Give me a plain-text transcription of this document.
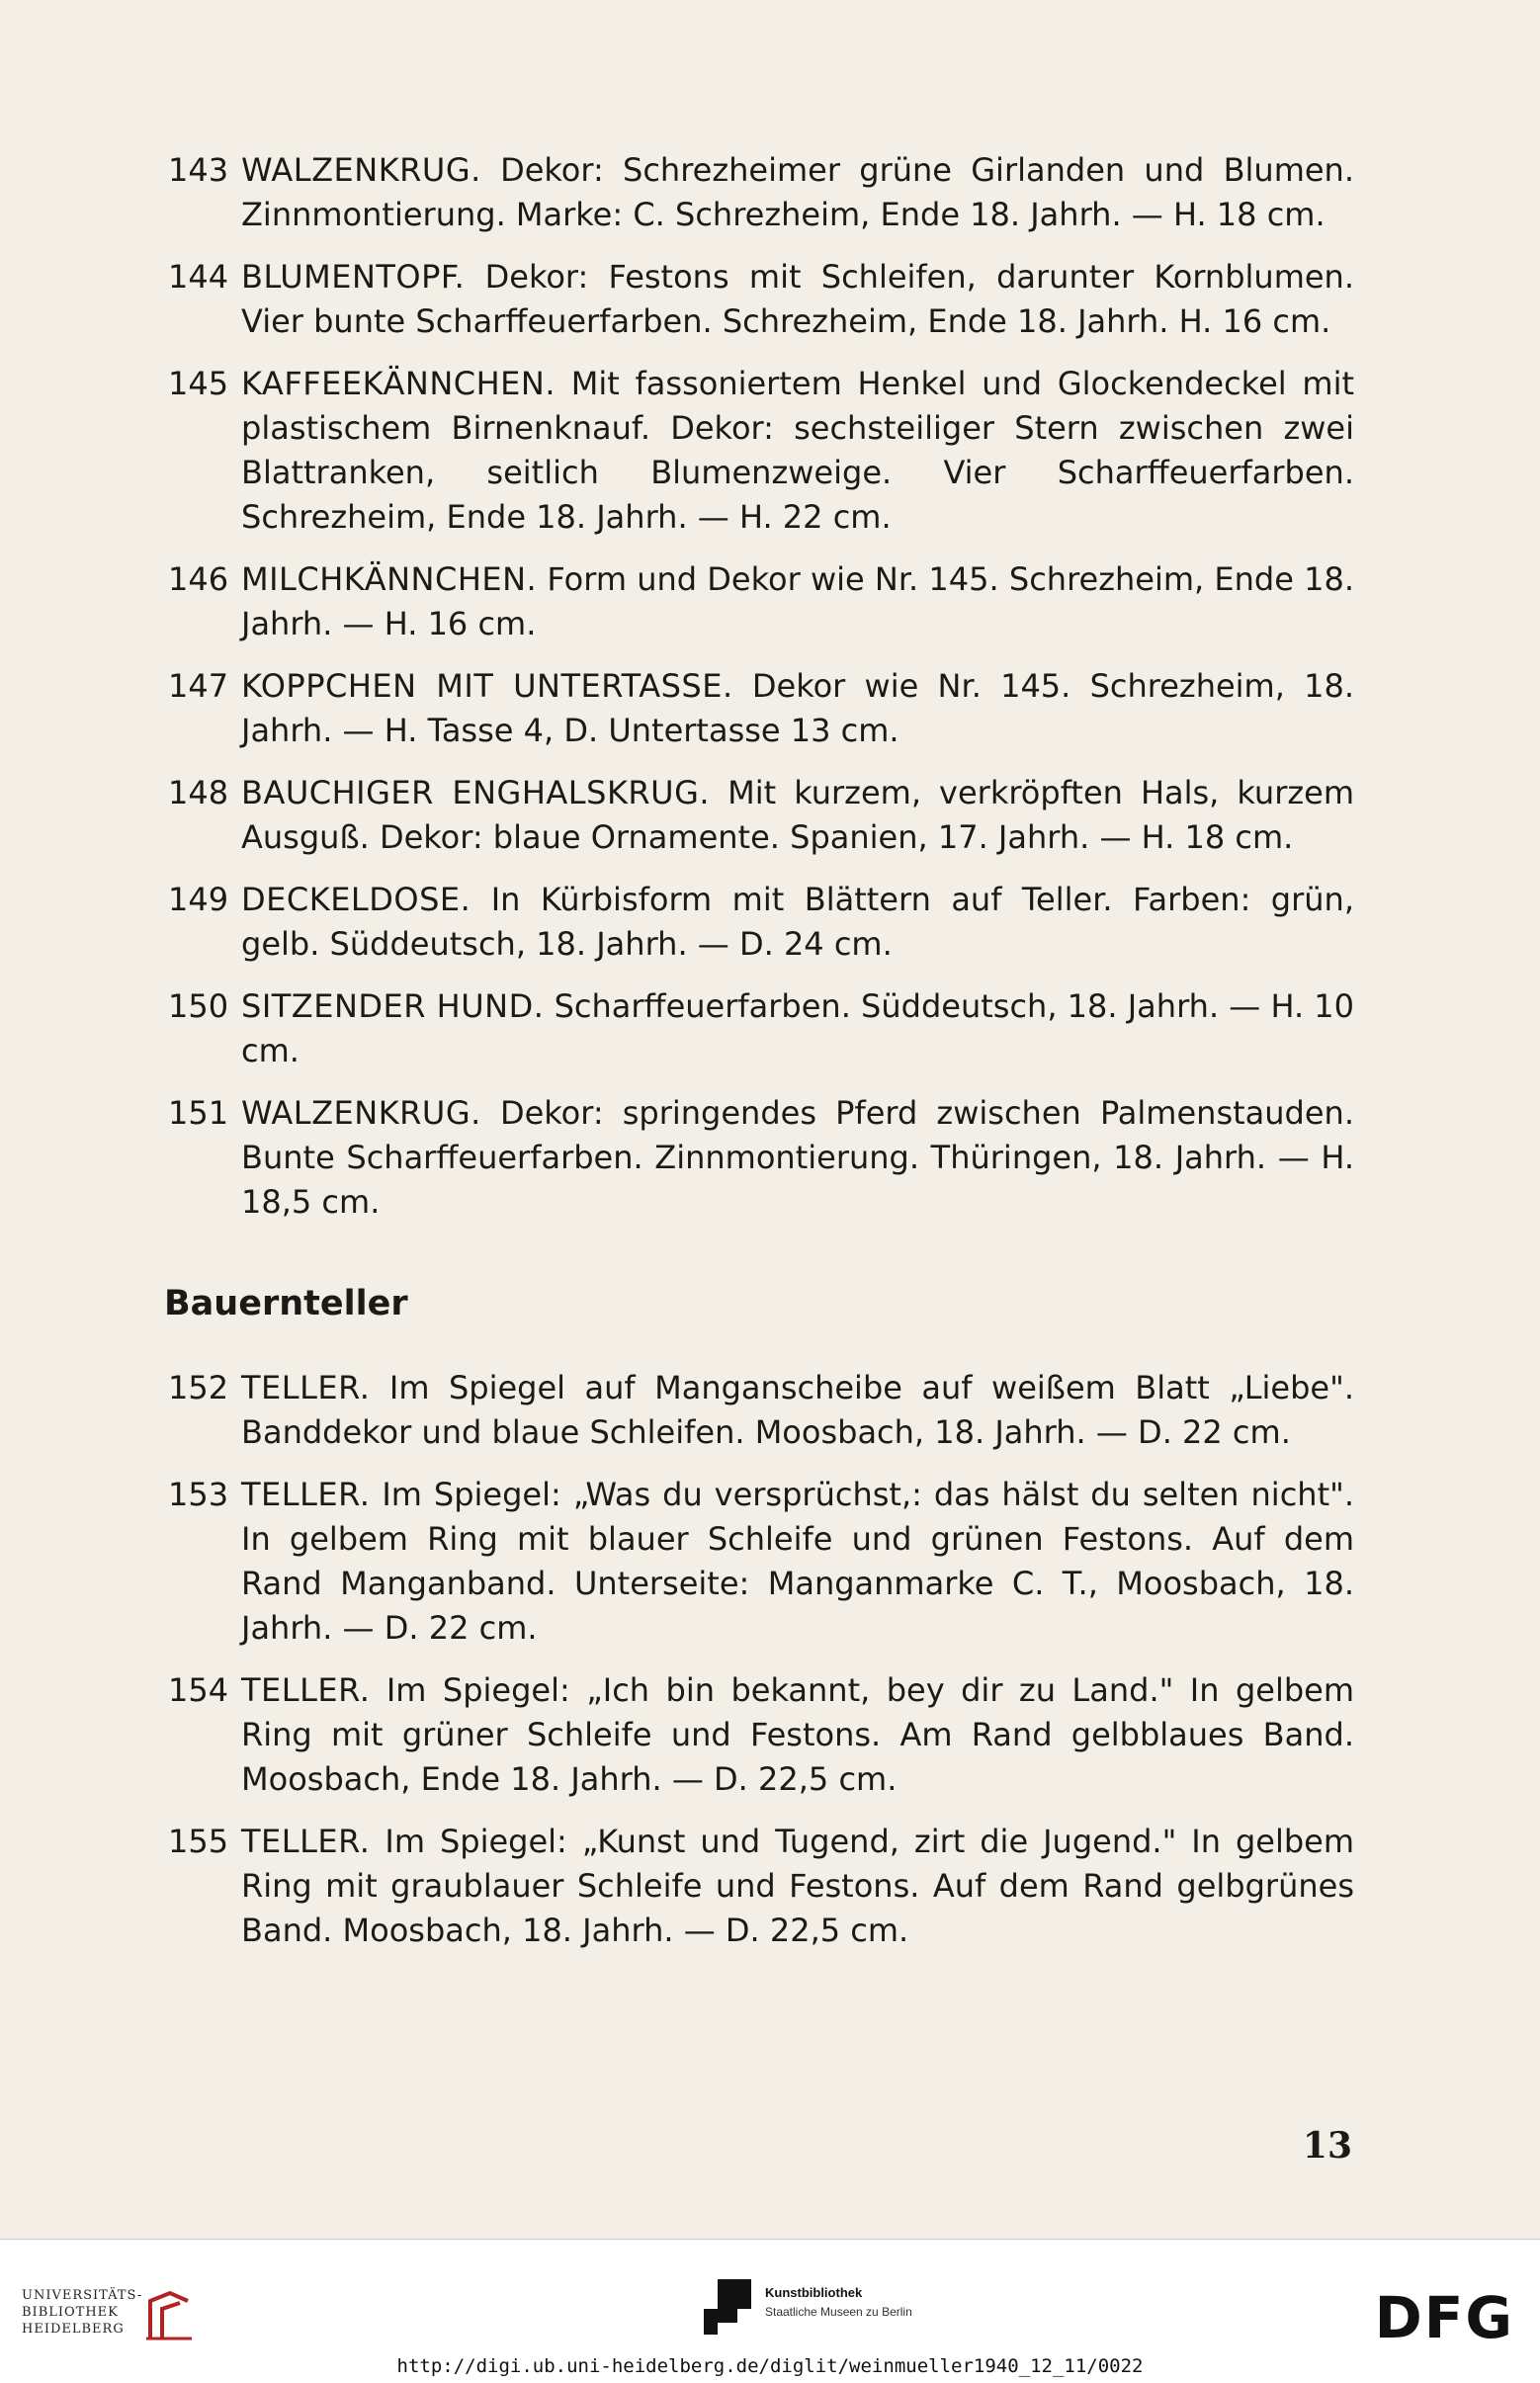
143 WALZENKRUG. Dekor: Schrezheimer grüne Girlanden und Blumen. Zinnmontierung. Marke: C. Schrezheim, Ende 18. Jahrh. — H. 18 cm.
144 BLUMENTOPF. Dekor: Festons mit Schleifen, darunter Kornblumen. Vier bunte Scharffeuerfarben. Schrezheim, Ende 18. Jahrh. H. 16 cm.
145 KAFFEEKÄNNCHEN. Mit fassoniertem Henkel und Glockendeckel mit plastischem Birnenknauf. Dekor: sechsteiliger Stern zwischen zwei Blattranken, seitlich Blumenzweige. Vier Scharffeuerfarben. Schrezheim, Ende 18. Jahrh. — H. 22 cm.
146 MILCHKÄNNCHEN. Form und Dekor wie Nr. 145. Schrezheim, Ende 18. Jahrh. — H. 16 cm.
147 KOPPCHEN MIT UNTERTASSE. Dekor wie Nr. 145. Schrezheim, 18. Jahrh. — H. Tasse 4, D. Untertasse 13 cm.
148 BAUCHIGER ENGHALSKRUG. Mit kurzem, verkröpften Hals, kurzem Ausguß. Dekor: blaue Ornamente. Spanien, 17. Jahrh. — H. 18 cm.
149 DECKELDOSE. In Kürbisform mit Blättern auf Teller. Farben: grün, gelb. Süddeutsch, 18. Jahrh. — D. 24 cm.
150 SITZENDER HUND. Scharffeuerfarben. Süddeutsch, 18. Jahrh. — H. 10 cm.
151 WALZENKRUG. Dekor: springendes Pferd zwischen Palmenstauden. Bunte Scharffeuerfarben. Zinnmontierung. Thüringen, 18. Jahrh. — H. 18,5 cm.
Bauernteller
152 TELLER. Im Spiegel auf Manganscheibe auf weißem Blatt „Liebe". Banddekor und blaue Schleifen. Moosbach, 18. Jahrh. — D. 22 cm.
153 TELLER. Im Spiegel: „Was du versprüchst,: das hälst du selten nicht". In gelbem Ring mit blauer Schleife und grünen Festons. Auf dem Rand Manganband. Unterseite: Manganmarke C. T., Moosbach, 18. Jahrh. — D. 22 cm.
154 TELLER. Im Spiegel: „Ich bin bekannt, bey dir zu Land." In gelbem Ring mit grüner Schleife und Festons. Am Rand gelbblaues Band. Moosbach, Ende 18. Jahrh. — D. 22,5 cm.
155 TELLER. Im Spiegel: „Kunst und Tugend, zirt die Jugend." In gelbem Ring mit graublauer Schleife und Festons. Auf dem Rand gelbgrünes Band. Moosbach, 18. Jahrh. — D. 22,5 cm.
13
UNIVERSITÄTS-
BIBLIOTHEK
HEIDELBERG
Kunstbibliothek
Staatliche Museen zu Berlin	DFG
http://digi.ub.uni-heidelberg.de/diglit/weinmueller1940_12_11/0022
